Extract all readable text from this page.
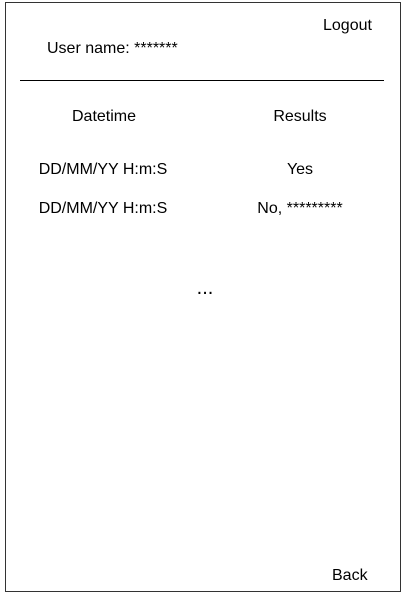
User name: *******
Logout
Datetime	Results
DD/MM/YY H:m:S	Yes
DD/MM/YY H:m:S	No, *********
...
Back
